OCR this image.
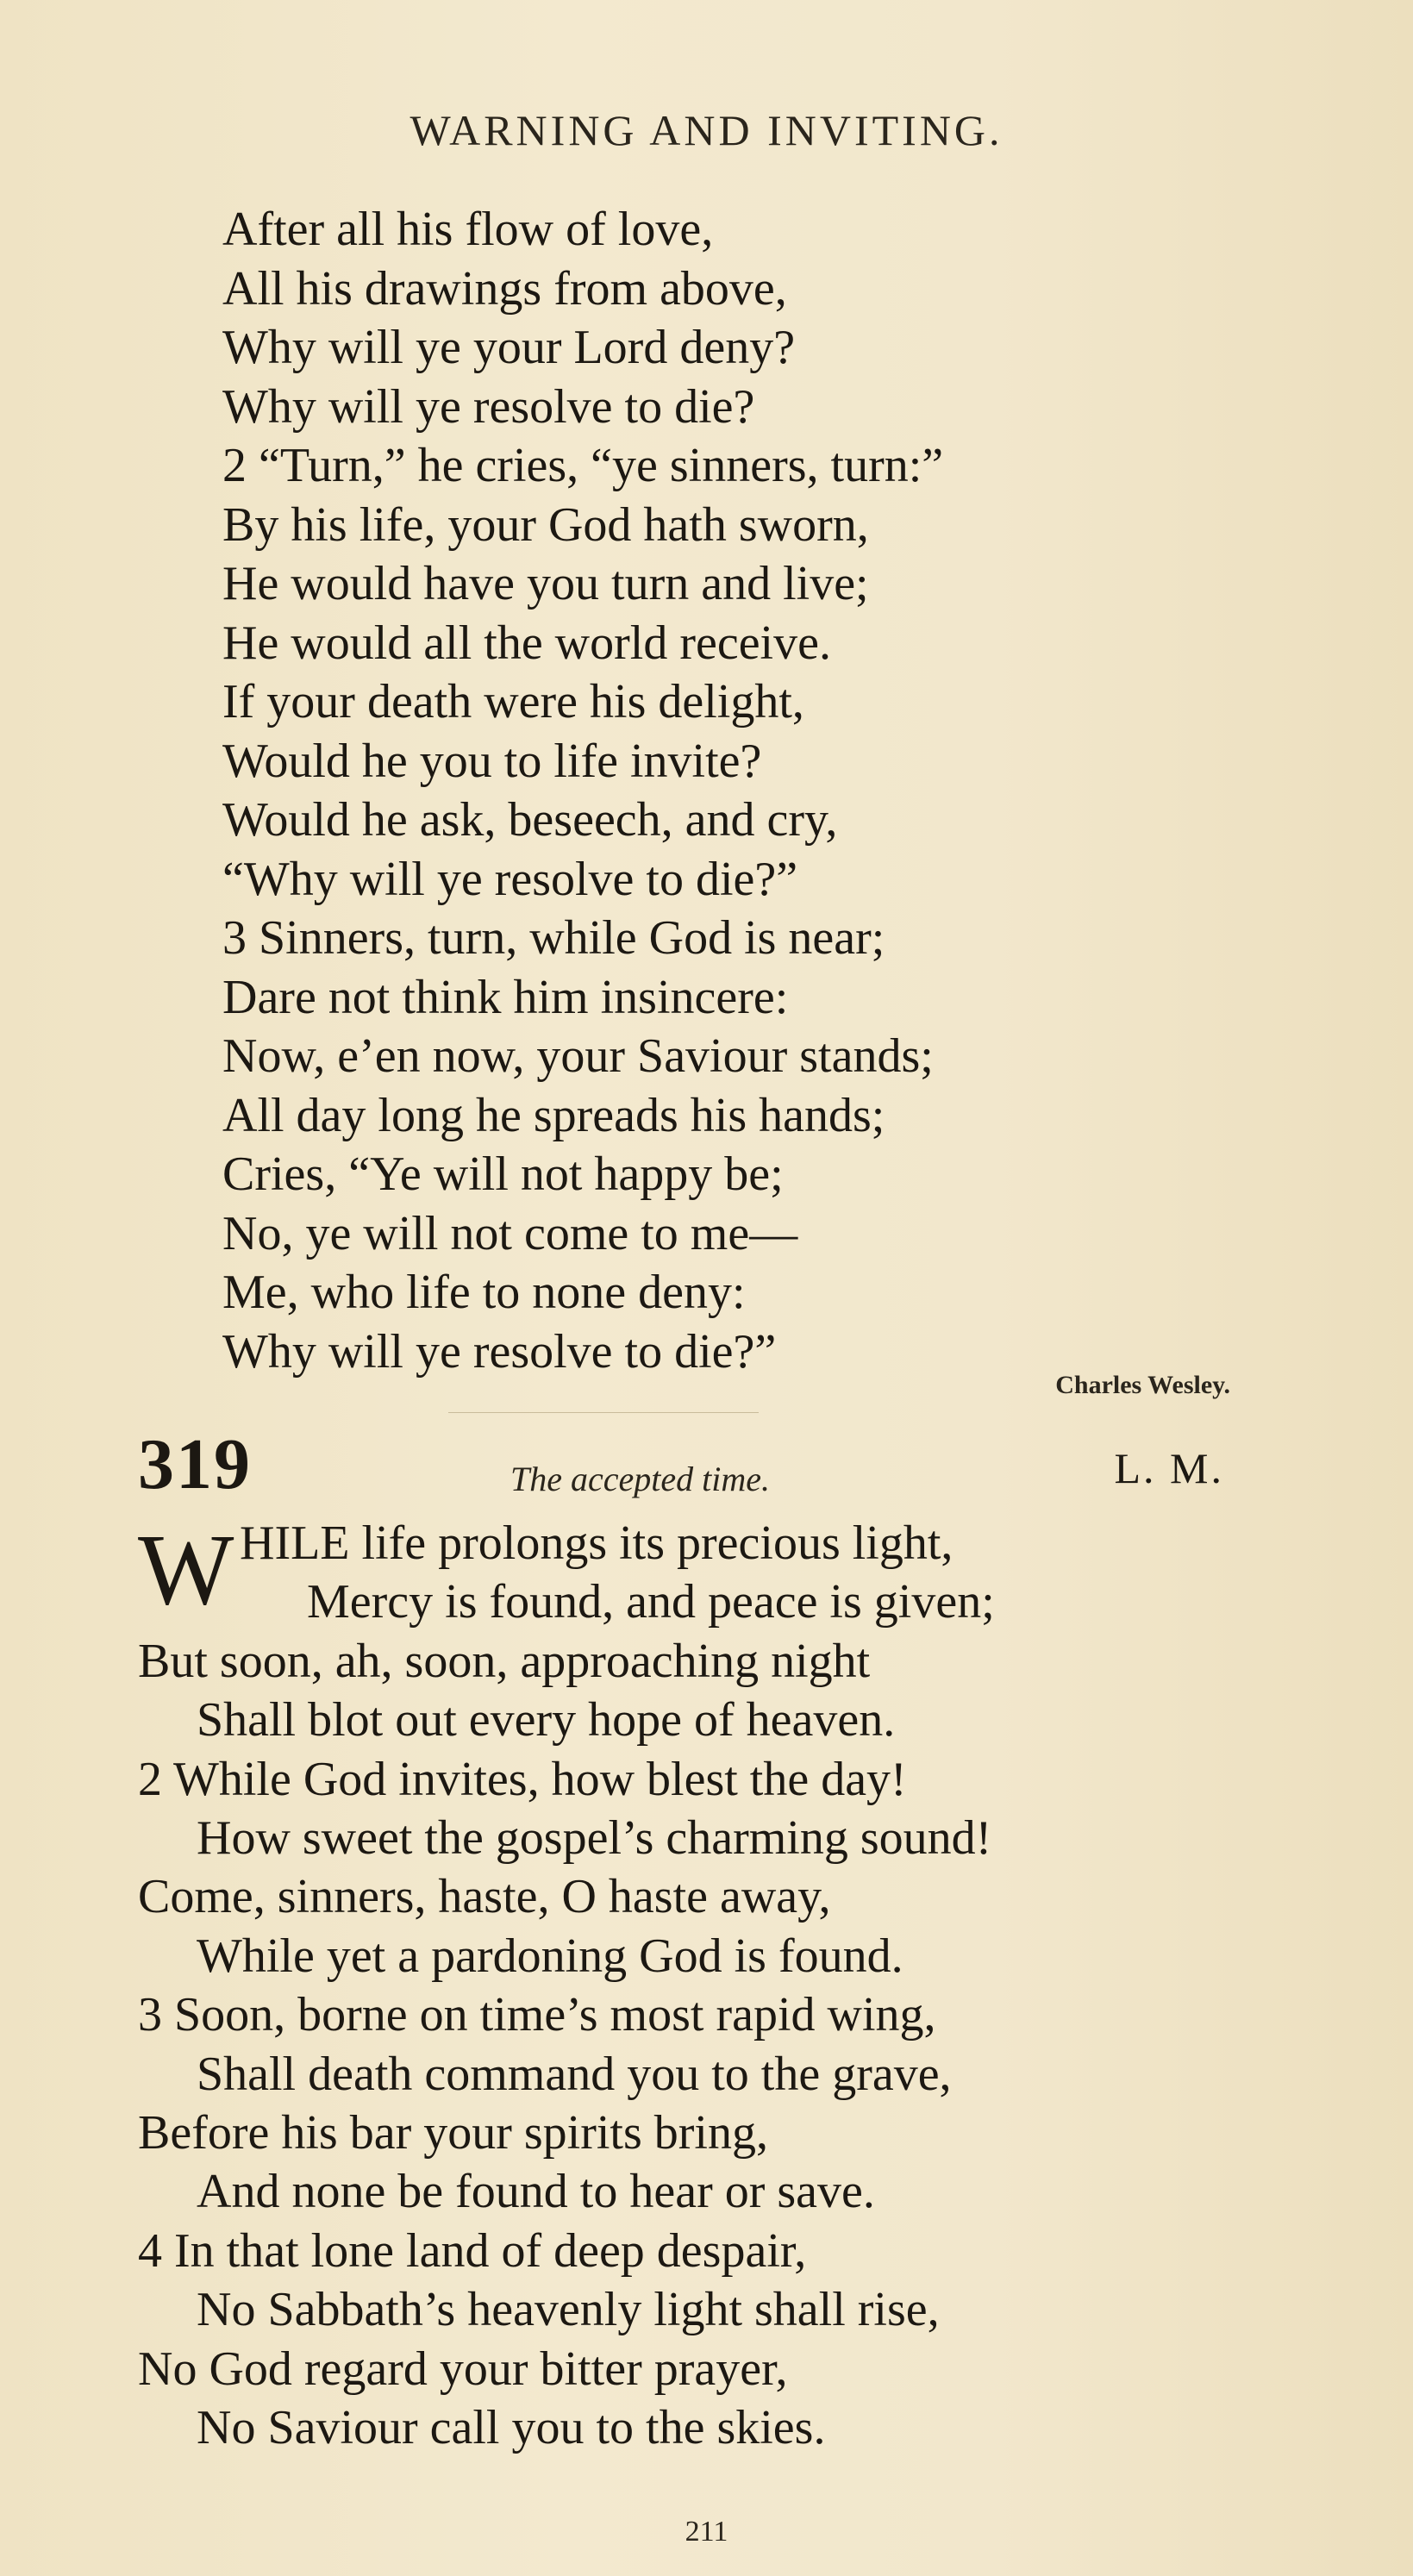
WARNING AND INVITING.
After all his flow of love,
All his drawings from above,
Why will ye your Lord deny?
Why will ye resolve to die?
2 “Turn,” he cries, “ye sinners, turn:”
By his life, your God hath sworn,
He would have you turn and live;
He would all the world receive.
If your death were his delight,
Would he you to life invite?
Would he ask, beseech, and cry,
“Why will ye resolve to die?”
3 Sinners, turn, while God is near;
Dare not think him insincere:
Now, e’en now, your Saviour stands;
All day long he spreads his hands;
Cries, “Ye will not happy be;
No, ye will not come to me—
Me, who life to none deny:
Why will ye resolve to die?”
Charles Wesley.
319	The accepted time.	L. M.
W HILE life prolongs its precious light,
Mercy is found, and peace is given;
But soon, ah, soon, approaching night
Shall blot out every hope of heaven.
2 While God invites, how blest the day!
How sweet the gospel’s charming sound!
Come, sinners, haste, O haste away,
While yet a pardoning God is found.
3 Soon, borne on time’s most rapid wing,
Shall death command you to the grave,
Before his bar your spirits bring,
And none be found to hear or save.
4 In that lone land of deep despair,
No Sabbath’s heavenly light shall rise,
No God regard your bitter prayer,
No Saviour call you to the skies.
211
